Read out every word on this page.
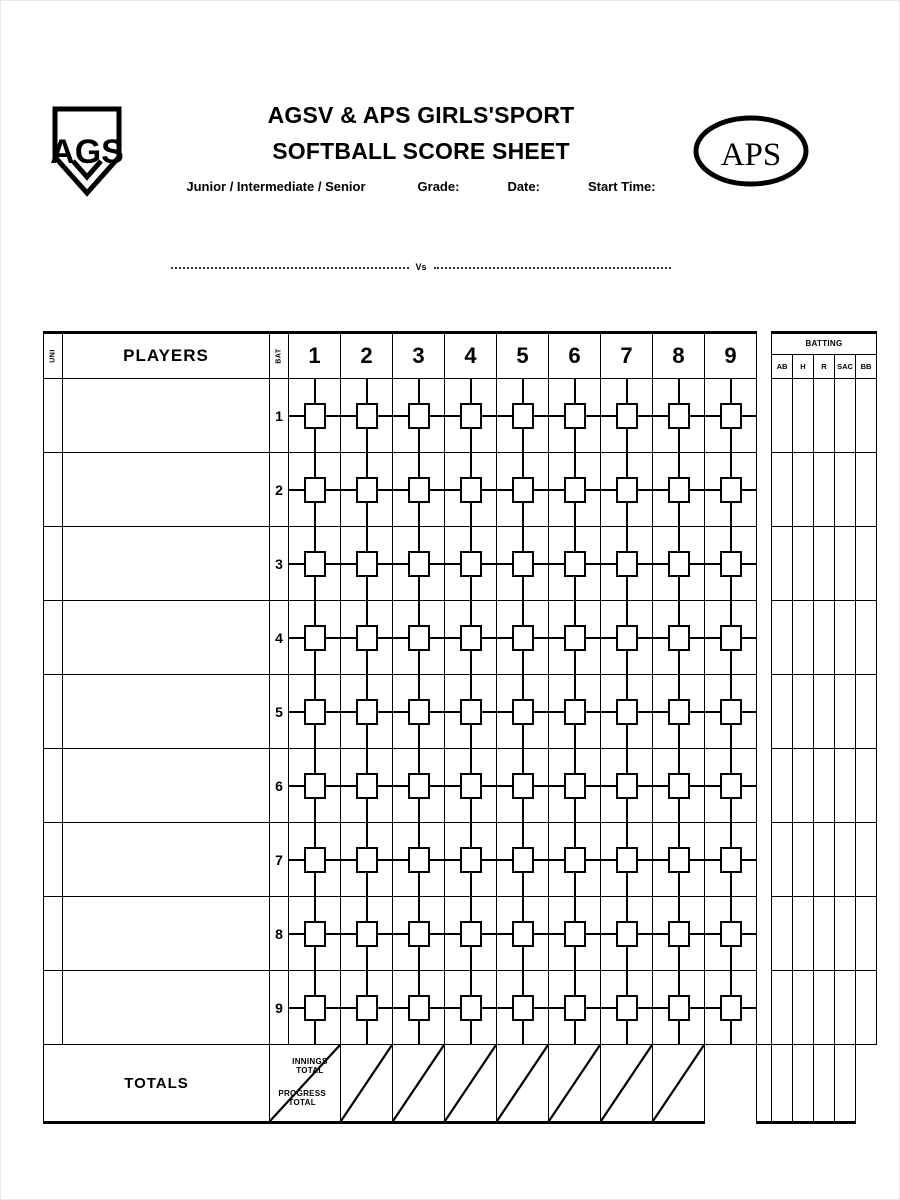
AGS
AGSV & APS GIRLS'SPORT
SOFTBALL SCORE SHEET
Junior / Intermediate / Senior	Grade:	Date:	Start Time:
APS
Vs
UNI	PLAYERS	BAT	1	2	3	4	5	6	7	8	9		BATTING				
													AB	H	R	SAC	BB
		1	

		2	

		3	

		4	

		5	

		6	

		7	

		8	

		9	

TOTALS		INNINGS TOTAL
PROGRESS TOTAL
